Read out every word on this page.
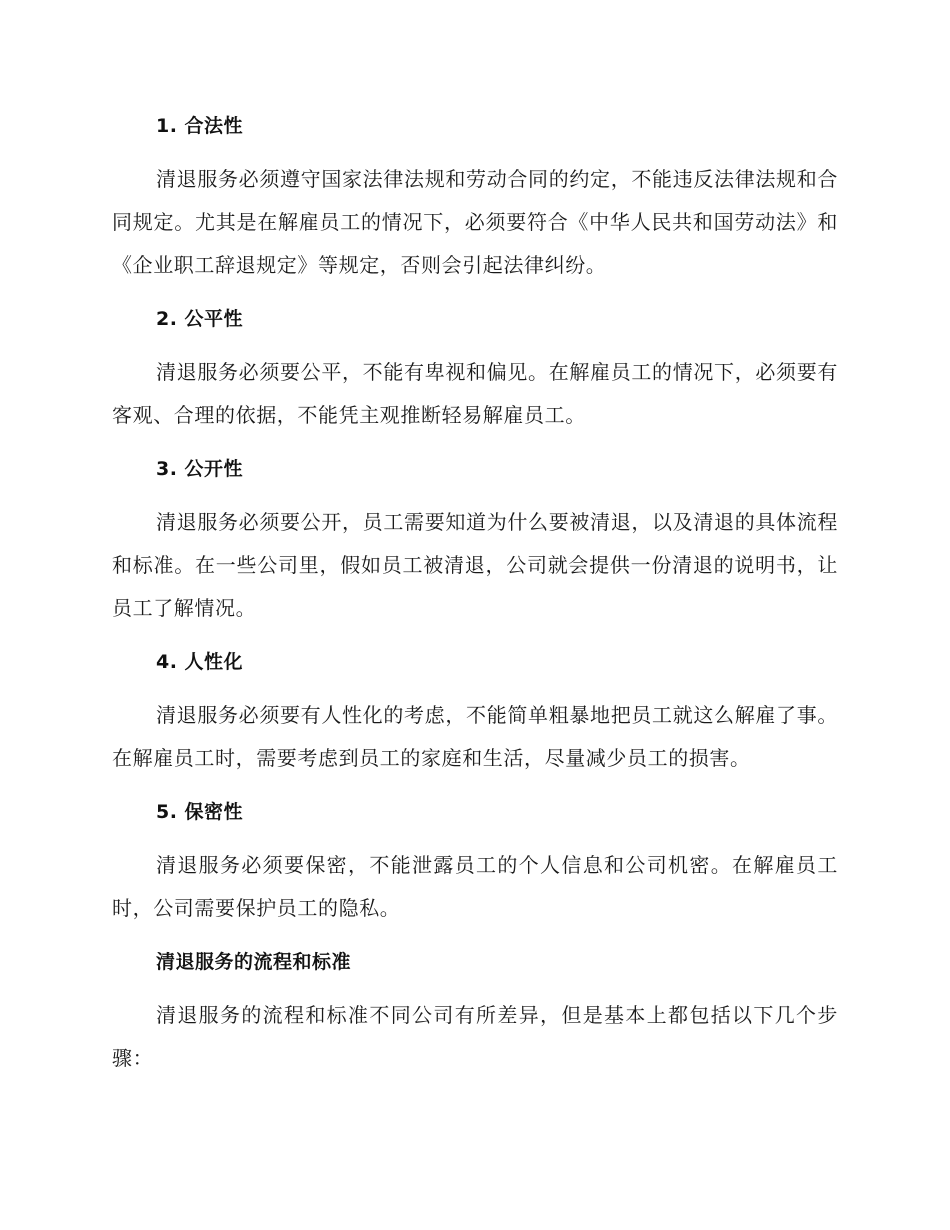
1. 合法性

清退服务必须遵守国家法律法规和劳动合同的约定，不能违反法律法规和合同规定。尤其是在解雇员工的情况下，必须要符合《中华人民共和国劳动法》和《企业职工辞退规定》等规定，否则会引起法律纠纷。

2. 公平性

清退服务必须要公平，不能有卑视和偏见。在解雇员工的情况下，必须要有客观、合理的依据，不能凭主观推断轻易解雇员工。

3. 公开性

清退服务必须要公开，员工需要知道为什么要被清退，以及清退的具体流程和标准。在一些公司里，假如员工被清退，公司就会提供一份清退的说明书，让员工了解情况。

4. 人性化

清退服务必须要有人性化的考虑，不能简单粗暴地把员工就这么解雇了事。在解雇员工时，需要考虑到员工的家庭和生活，尽量减少员工的损害。

5. 保密性

清退服务必须要保密，不能泄露员工的个人信息和公司机密。在解雇员工时，公司需要保护员工的隐私。

清退服务的流程和标准

清退服务的流程和标准不同公司有所差异，但是基本上都包括以下几个步骤：
